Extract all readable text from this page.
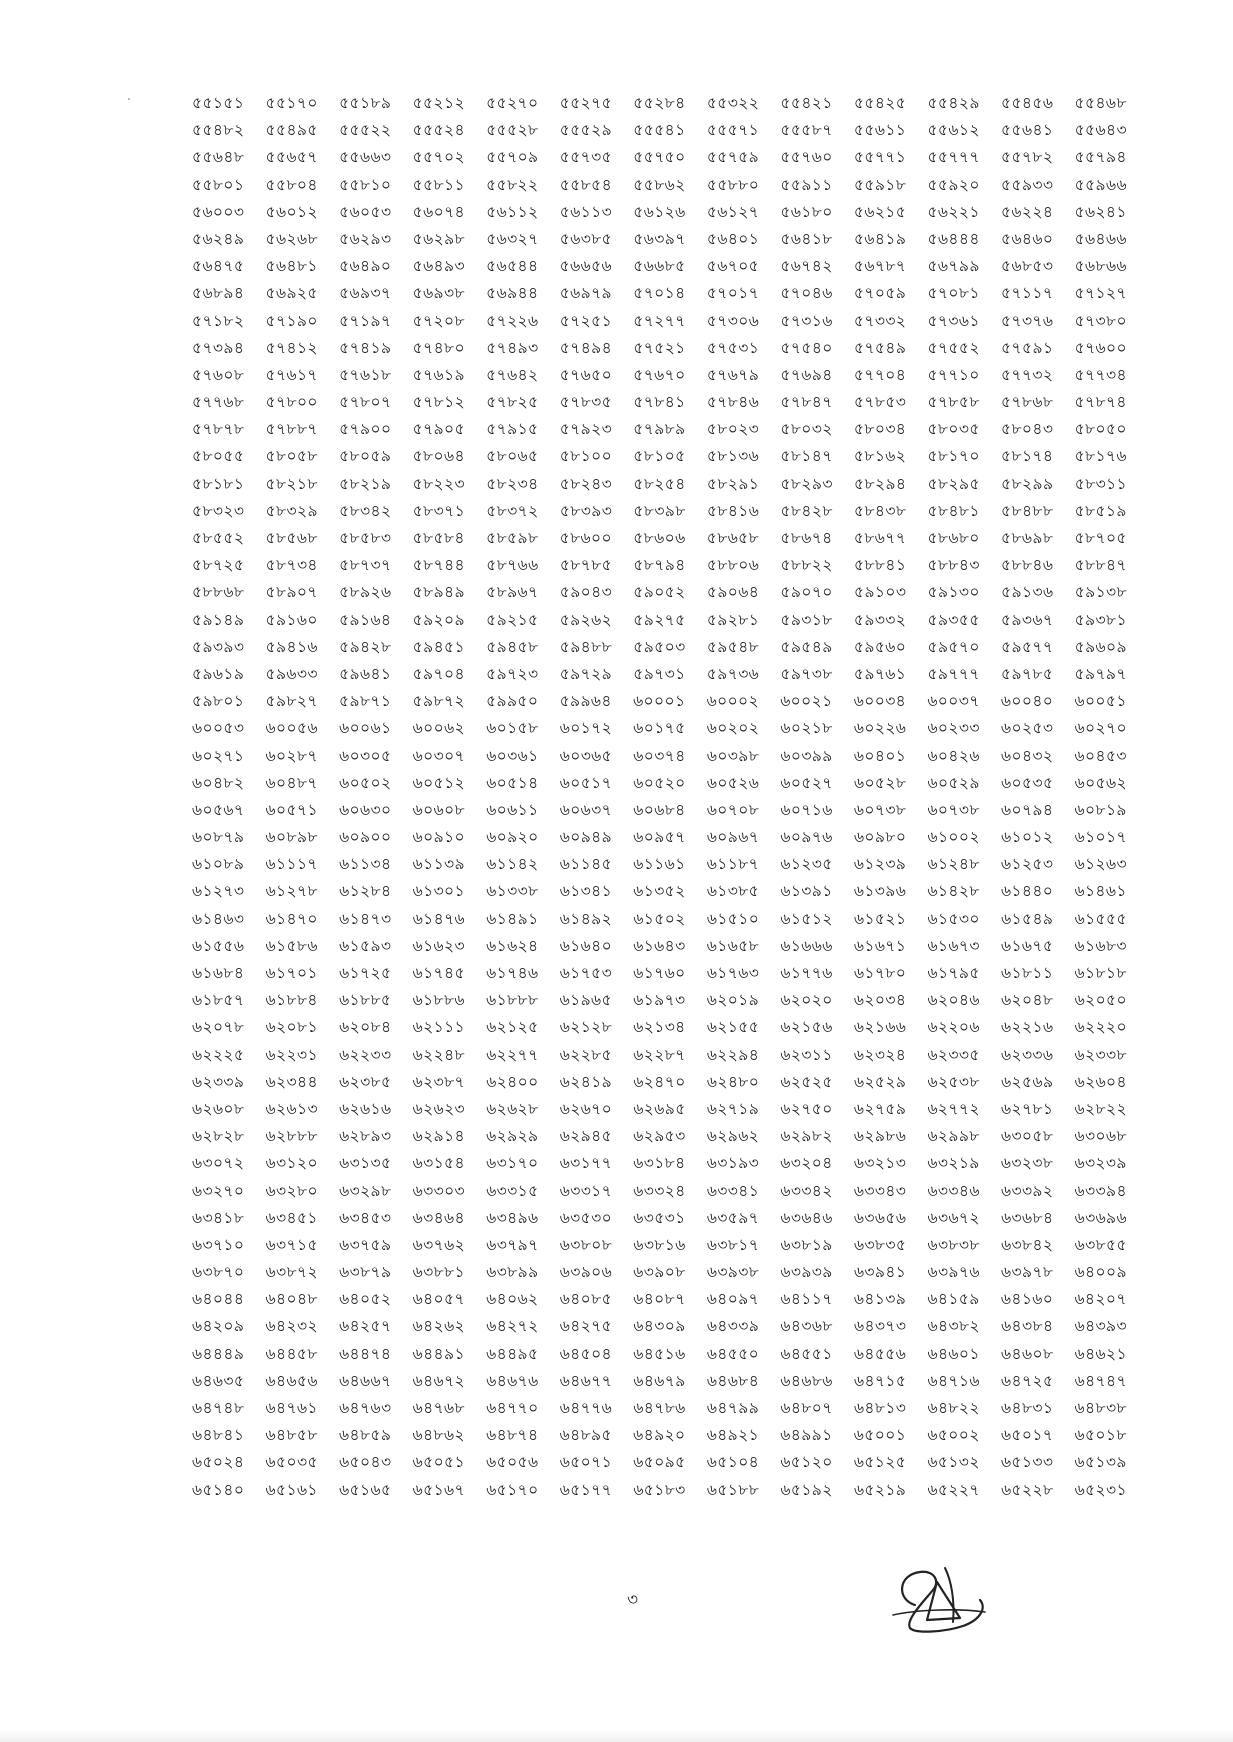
৫৫১৫১ ৫৫১৭০ ৫৫১৮৯ ৫৫২১২ ৫৫২৭০ ৫৫২৭৫ ৫৫২৮৪ ৫৫৩২২ ৫৫৪২১ ৫৫৪২৫ ৫৫৪২৯ ৫৫৪৫৬ ৫৫৪৬৮
৫৫৪৮২ ৫৫৪৯৫ ৫৫৫২২ ৫৫৫২৪ ৫৫৫২৮ ৫৫৫২৯ ৫৫৫৪১ ৫৫৫৭১ ৫৫৫৮৭ ৫৫৬১১ ৫৫৬১২ ৫৫৬৪১ ৫৫৬৪৩
৫৫৬৪৮ ৫৫৬৫৭ ৫৫৬৬৩ ৫৫৭০২ ৫৫৭০৯ ৫৫৭৩৫ ৫৫৭৫০ ৫৫৭৫৯ ৫৫৭৬০ ৫৫৭৭১ ৫৫৭৭৭ ৫৫৭৮২ ৫৫৭৯৪
৫৫৮০১ ৫৫৮০৪ ৫৫৮১০ ৫৫৮১১ ৫৫৮২২ ৫৫৮৫৪ ৫৫৮৬২ ৫৫৮৮০ ৫৫৯১১ ৫৫৯১৮ ৫৫৯২০ ৫৫৯৩৩ ৫৫৯৬৬
৫৬০০৩ ৫৬০১২ ৫৬০৫৩ ৫৬০৭৪ ৫৬১১২ ৫৬১১৩ ৫৬১২৬ ৫৬১২৭ ৫৬১৮০ ৫৬২১৫ ৫৬২২১ ৫৬২২৪ ৫৬২৪১
৫৬২৪৯ ৫৬২৬৮ ৫৬২৯৩ ৫৬২৯৮ ৫৬৩২৭ ৫৬৩৮৫ ৫৬৩৯৭ ৫৬৪০১ ৫৬৪১৮ ৫৬৪১৯ ৫৬৪৪৪ ৫৬৪৬০ ৫৬৪৬৬
৫৬৪৭৫ ৫৬৪৮১ ৫৬৪৯০ ৫৬৪৯৩ ৫৬৫৪৪ ৫৬৬৫৬ ৫৬৬৮৫ ৫৬৭০৫ ৫৬৭৪২ ৫৬৭৮৭ ৫৬৭৯৯ ৫৬৮৫৩ ৫৬৮৬৬
৫৬৮৯৪ ৫৬৯২৫ ৫৬৯৩৭ ৫৬৯৩৮ ৫৬৯৪৪ ৫৬৯৭৯ ৫৭০১৪ ৫৭০১৭ ৫৭০৪৬ ৫৭০৫৯ ৫৭০৮১ ৫৭১১৭ ৫৭১২৭
৫৭১৮২ ৫৭১৯০ ৫৭১৯৭ ৫৭২০৮ ৫৭২২৬ ৫৭২৫১ ৫৭২৭৭ ৫৭৩০৬ ৫৭৩১৬ ৫৭৩৩২ ৫৭৩৬১ ৫৭৩৭৬ ৫৭৩৮০
৫৭৩৯৪ ৫৭৪১২ ৫৭৪১৯ ৫৭৪৮০ ৫৭৪৯৩ ৫৭৪৯৪ ৫৭৫২১ ৫৭৫৩১ ৫৭৫৪০ ৫৭৫৪৯ ৫৭৫৫২ ৫৭৫৯১ ৫৭৬০০
৫৭৬০৮ ৫৭৬১৭ ৫৭৬১৮ ৫৭৬১৯ ৫৭৬৪২ ৫৭৬৫০ ৫৭৬৭০ ৫৭৬৭৯ ৫৭৬৯৪ ৫৭৭০৪ ৫৭৭১০ ৫৭৭৩২ ৫৭৭৩৪
৫৭৭৬৮ ৫৭৮০০ ৫৭৮০৭ ৫৭৮১২ ৫৭৮২৫ ৫৭৮৩৫ ৫৭৮৪১ ৫৭৮৪৬ ৫৭৮৪৭ ৫৭৮৫৩ ৫৭৮৫৮ ৫৭৮৬৮ ৫৭৮৭৪
৫৭৮৭৮ ৫৭৮৮৭ ৫৭৯০০ ৫৭৯০৫ ৫৭৯১৫ ৫৭৯২৩ ৫৭৯৮৯ ৫৮০২৩ ৫৮০৩২ ৫৮০৩৪ ৫৮০৩৫ ৫৮০৪৩ ৫৮০৫০
৫৮০৫৫ ৫৮০৫৮ ৫৮০৫৯ ৫৮০৬৪ ৫৮০৬৫ ৫৮১০০ ৫৮১০৫ ৫৮১৩৬ ৫৮১৪৭ ৫৮১৬২ ৫৮১৭০ ৫৮১৭৪ ৫৮১৭৬
৫৮১৮১ ৫৮২১৮ ৫৮২১৯ ৫৮২২৩ ৫৮২৩৪ ৫৮২৪৩ ৫৮২৫৪ ৫৮২৯১ ৫৮২৯৩ ৫৮২৯৪ ৫৮২৯৫ ৫৮২৯৯ ৫৮৩১১
৫৮৩২৩ ৫৮৩২৯ ৫৮৩৪২ ৫৮৩৭১ ৫৮৩৭২ ৫৮৩৯৩ ৫৮৩৯৮ ৫৮৪১৬ ৫৮৪২৮ ৫৮৪৩৮ ৫৮৪৮১ ৫৮৪৮৮ ৫৮৫১৯
৫৮৫৫২ ৫৮৫৬৮ ৫৮৫৮৩ ৫৮৫৮৪ ৫৮৫৯৮ ৫৮৬০০ ৫৮৬০৬ ৫৮৬৫৮ ৫৮৬৭৪ ৫৮৬৭৭ ৫৮৬৮০ ৫৮৬৯৮ ৫৮৭০৫
৫৮৭২৫ ৫৮৭৩৪ ৫৮৭৩৭ ৫৮৭৪৪ ৫৮৭৬৬ ৫৮৭৮৫ ৫৮৭৯৪ ৫৮৮০৬ ৫৮৮২২ ৫৮৮৪১ ৫৮৮৪৩ ৫৮৮৪৬ ৫৮৮৪৭
৫৮৮৬৮ ৫৮৯০৭ ৫৮৯২৬ ৫৮৯৪৯ ৫৮৯৬৭ ৫৯০৪৩ ৫৯০৫২ ৫৯০৬৪ ৫৯০৭০ ৫৯১০৩ ৫৯১৩০ ৫৯১৩৬ ৫৯১৩৮
৫৯১৪৯ ৫৯১৬০ ৫৯১৬৪ ৫৯২০৯ ৫৯২১৫ ৫৯২৬২ ৫৯২৭৫ ৫৯২৮১ ৫৯৩১৮ ৫৯৩৩২ ৫৯৩৫৫ ৫৯৩৬৭ ৫৯৩৮১
৫৯৩৯৩ ৫৯৪১৬ ৫৯৪২৮ ৫৯৪৫১ ৫৯৪৫৮ ৫৯৪৮৮ ৫৯৫০৩ ৫৯৫৪৮ ৫৯৫৪৯ ৫৯৫৬০ ৫৯৫৭০ ৫৯৫৭৭ ৫৯৬০৯
৫৯৬১৯ ৫৯৬৩৩ ৫৯৬৪১ ৫৯৭০৪ ৫৯৭২৩ ৫৯৭২৯ ৫৯৭৩১ ৫৯৭৩৬ ৫৯৭৩৮ ৫৯৭৬১ ৫৯৭৭৭ ৫৯৭৮৫ ৫৯৭৯৭
৫৯৮০১ ৫৯৮২৭ ৫৯৮৭১ ৫৯৮৭২ ৫৯৯৫০ ৫৯৯৬৪ ৬০০০১ ৬০০০২ ৬০০২১ ৬০০৩৪ ৬০০৩৭ ৬০০৪০ ৬০০৫১
৬০০৫৩ ৬০০৫৬ ৬০০৬১ ৬০০৬২ ৬০১৫৮ ৬০১৭২ ৬০১৭৫ ৬০২০২ ৬০২১৮ ৬০২২৬ ৬০২৩৩ ৬০২৫৩ ৬০২৭০
৬০২৭১ ৬০২৮৭ ৬০৩০৫ ৬০৩০৭ ৬০৩৬১ ৬০৩৬৫ ৬০৩৭৪ ৬০৩৯৮ ৬০৩৯৯ ৬০৪০১ ৬০৪২৬ ৬০৪৩২ ৬০৪৫৩
৬০৪৮২ ৬০৪৮৭ ৬০৫০২ ৬০৫১২ ৬০৫১৪ ৬০৫১৭ ৬০৫২০ ৬০৫২৬ ৬০৫২৭ ৬০৫২৮ ৬০৫২৯ ৬০৫৩৫ ৬০৫৬২
৬০৫৬৭ ৬০৫৭১ ৬০৬৩০ ৬০৬০৮ ৬০৬১১ ৬০৬৩৭ ৬০৬৮৪ ৬০৭০৮ ৬০৭১৬ ৬০৭৩৮ ৬০৭৩৮ ৬০৭৯৪ ৬০৮১৯
৬০৮৭৯ ৬০৮৯৮ ৬০৯০০ ৬০৯১০ ৬০৯২০ ৬০৯৪৯ ৬০৯৫৭ ৬০৯৬৭ ৬০৯৭৬ ৬০৯৮০ ৬১০০২ ৬১০১২ ৬১০১৭
৬১০৮৯ ৬১১১৭ ৬১১৩৪ ৬১১৩৯ ৬১১৪২ ৬১১৪৫ ৬১১৬১ ৬১১৮৭ ৬১২৩৫ ৬১২৩৯ ৬১২৪৮ ৬১২৫৩ ৬১২৬৩
৬১২৭৩ ৬১২৭৮ ৬১২৮৪ ৬১৩০১ ৬১৩৩৮ ৬১৩৪১ ৬১৩৫২ ৬১৩৮৫ ৬১৩৯১ ৬১৩৯৬ ৬১৪২৮ ৬১৪৪০ ৬১৪৬১
৬১৪৬৩ ৬১৪৭০ ৬১৪৭৩ ৬১৪৭৬ ৬১৪৯১ ৬১৪৯২ ৬১৫০২ ৬১৫১০ ৬১৫১২ ৬১৫২১ ৬১৫৩০ ৬১৫৪৯ ৬১৫৫৫
৬১৫৫৬ ৬১৫৮৬ ৬১৫৯৩ ৬১৬২৩ ৬১৬২৪ ৬১৬৪০ ৬১৬৪৩ ৬১৬৫৮ ৬১৬৬৬ ৬১৬৭১ ৬১৬৭৩ ৬১৬৭৫ ৬১৬৮৩
৬১৬৮৪ ৬১৭০১ ৬১৭২৫ ৬১৭৪৫ ৬১৭৪৬ ৬১৭৫৩ ৬১৭৬০ ৬১৭৬৩ ৬১৭৭৬ ৬১৭৮০ ৬১৭৯৫ ৬১৮১১ ৬১৮১৮
৬১৮৫৭ ৬১৮৮৪ ৬১৮৮৫ ৬১৮৮৬ ৬১৮৮৮ ৬১৯৬৫ ৬১৯৭৩ ৬২০১৯ ৬২০২০ ৬২০৩৪ ৬২০৪৬ ৬২০৪৮ ৬২০৫০
৬২০৭৮ ৬২০৮১ ৬২০৮৪ ৬২১১১ ৬২১২৫ ৬২১২৮ ৬২১৩৪ ৬২১৫৫ ৬২১৫৬ ৬২১৬৬ ৬২২০৬ ৬২২১৬ ৬২২২০
৬২২২৫ ৬২২৩১ ৬২২৩৩ ৬২২৪৮ ৬২২৭৭ ৬২২৮৫ ৬২২৮৭ ৬২২৯৪ ৬২৩১১ ৬২৩২৪ ৬২৩৩৫ ৬২৩৩৬ ৬২৩৩৮
৬২৩৩৯ ৬২৩৪৪ ৬২৩৮৫ ৬২৩৮৭ ৬২৪০০ ৬২৪১৯ ৬২৪৭০ ৬২৪৮০ ৬২৫২৫ ৬২৫২৯ ৬২৫৩৮ ৬২৫৬৯ ৬২৬০৪
৬২৬০৮ ৬২৬১৩ ৬২৬১৬ ৬২৬২৩ ৬২৬২৮ ৬২৬৭০ ৬২৬৯৫ ৬২৭১৯ ৬২৭৫০ ৬২৭৫৯ ৬২৭৭২ ৬২৭৮১ ৬২৮২২
৬২৮২৮ ৬২৮৮৮ ৬২৮৯৩ ৬২৯১৪ ৬২৯২৯ ৬২৯৪৫ ৬২৯৫৩ ৬২৯৬২ ৬২৯৮২ ৬২৯৮৬ ৬২৯৯৮ ৬৩০৫৮ ৬৩০৬৮
৬৩০৭২ ৬৩১২০ ৬৩১৩৫ ৬৩১৫৪ ৬৩১৭০ ৬৩১৭৭ ৬৩১৮৪ ৬৩১৯৩ ৬৩২০৪ ৬৩২১৩ ৬৩২১৯ ৬৩২৩৮ ৬৩২৩৯
৬৩২৭০ ৬৩২৮০ ৬৩২৯৮ ৬৩৩০৩ ৬৩৩১৫ ৬৩৩১৭ ৬৩৩২৪ ৬৩৩৪১ ৬৩৩৪২ ৬৩৩৪৩ ৬৩৩৪৬ ৬৩৩৯২ ৬৩৩৯৪
৬৩৪১৮ ৬৩৪৫১ ৬৩৪৫৩ ৬৩৪৬৪ ৬৩৪৯৬ ৬৩৫৩০ ৬৩৫৩১ ৬৩৫৯৭ ৬৩৬৪৬ ৬৩৬৫৬ ৬৩৬৭২ ৬৩৬৮৪ ৬৩৬৯৬
৬৩৭১০ ৬৩৭১৫ ৬৩৭৫৯ ৬৩৭৬২ ৬৩৭৯৭ ৬৩৮০৮ ৬৩৮১৬ ৬৩৮১৭ ৬৩৮১৯ ৬৩৮৩৫ ৬৩৮৩৮ ৬৩৮৪২ ৬৩৮৫৫
৬৩৮৭০ ৬৩৮৭২ ৬৩৮৭৯ ৬৩৮৮১ ৬৩৮৯৯ ৬৩৯০৬ ৬৩৯০৮ ৬৩৯৩৮ ৬৩৯৩৯ ৬৩৯৪১ ৬৩৯৭৬ ৬৩৯৭৮ ৬৪০০৯
৬৪০৪৪ ৬৪০৪৮ ৬৪০৫২ ৬৪০৫৭ ৬৪০৬২ ৬৪০৮৫ ৬৪০৮৭ ৬৪০৯৭ ৬৪১১৭ ৬৪১৩৯ ৬৪১৫৯ ৬৪১৬০ ৬৪২০৭
৬৪২০৯ ৬৪২৩২ ৬৪২৫৭ ৬৪২৬২ ৬৪২৭২ ৬৪২৭৫ ৬৪৩০৯ ৬৪৩৩৯ ৬৪৩৬৮ ৬৪৩৭৩ ৬৪৩৮২ ৬৪৩৮৪ ৬৪৩৯৩
৬৪৪৪৯ ৬৪৪৫৮ ৬৪৪৭৪ ৬৪৪৯১ ৬৪৪৯৫ ৬৪৫০৪ ৬৪৫১৬ ৬৪৫৫০ ৬৪৫৫১ ৬৪৫৫৬ ৬৪৬০১ ৬৪৬০৮ ৬৪৬২১
৬৪৬৩৫ ৬৪৬৫৬ ৬৪৬৬৭ ৬৪৬৭২ ৬৪৬৭৬ ৬৪৬৭৭ ৬৪৬৭৯ ৬৪৬৮৪ ৬৪৬৮৬ ৬৪৭১৫ ৬৪৭১৬ ৬৪৭২৫ ৬৪৭৪৭
৬৪৭৪৮ ৬৪৭৬১ ৬৪৭৬৩ ৬৪৭৬৮ ৬৪৭৭০ ৬৪৭৭৬ ৬৪৭৮৬ ৬৪৭৯৯ ৬৪৮০৭ ৬৪৮১৩ ৬৪৮২২ ৬৪৮৩১ ৬৪৮৩৮
৬৪৮৪১ ৬৪৮৫৮ ৬৪৮৫৯ ৬৪৮৬২ ৬৪৮৭৪ ৬৪৮৯৫ ৬৪৯২০ ৬৪৯২১ ৬৪৯৯১ ৬৫০০১ ৬৫০০২ ৬৫০১৭ ৬৫০১৮
৬৫০২৪ ৬৫০৩৫ ৬৫০৪৩ ৬৫০৫১ ৬৫০৫৬ ৬৫০৭১ ৬৫০৯৫ ৬৫১০৪ ৬৫১২০ ৬৫১২৫ ৬৫১৩২ ৬৫১৩৩ ৬৫১৩৯
৬৫১৪০ ৬৫১৬১ ৬৫১৬৫ ৬৫১৬৭ ৬৫১৭০ ৬৫১৭৭ ৬৫১৮৩ ৬৫১৮৮ ৬৫১৯২ ৬৫২১৯ ৬৫২২৭ ৬৫২২৮ ৬৫২৩১
৩
